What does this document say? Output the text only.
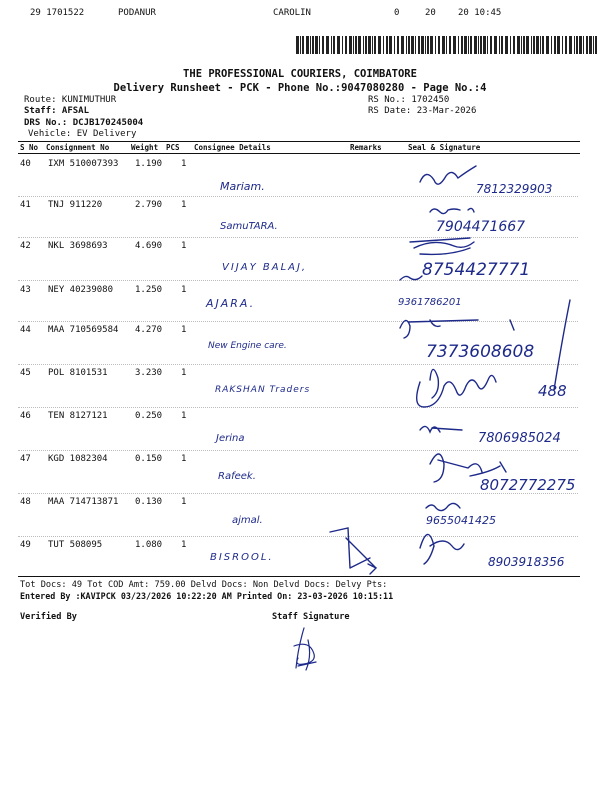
29 1701522	PODANUR	CAROLIN	0	20 20 10:45
THE PROFESSIONAL COURIERS, COIMBATORE
Delivery Runsheet - PCK - Phone No.:9047080280 - Page No.:4
Route: KUNIMUTHUR
Staff: AFSAL
DRS No.: DCJB170245004
Vehicle: EV Delivery
RS No.: 1702450
RS Date: 23-Mar-2026
S No Consignment No	Weight PCS Consignee Details	Remarks	Seal & Signature
40 IXM 510007393 1.190 1
Mariam.	7812329903
41 TNJ 911220	2.790 1
SamuTARA.	7904471667
42 NKL 3698693	4.690 1
VIJAY BALAJ,	8754427771
43 NEY 40239080 1.250 1
AJARA.	9361786201
44 MAA 710569584 4.270 1
New Engine care.	7373608608
45 POL 8101531	3.230 1
RAKSHAN Traders	488
46 TEN 8127121	0.250 1
Jerina	7806985024
47 KGD 1082304	0.150 1
Rafeek.	8072772275
48 MAA 714713871 0.130 1
ajmal.	9655041425
49 TUT 508095	1.080 1
BISROOL.	8903918356
Tot Docs: 49 Tot COD Amt: 759.00 Delvd Docs: Non Delvd Docs: Delvy Pts:
Entered By :KAVIPCK 03/23/2026 10:22:20 AM Printed On: 23-03-2026 10:15:11
Verified By	Staff Signature
